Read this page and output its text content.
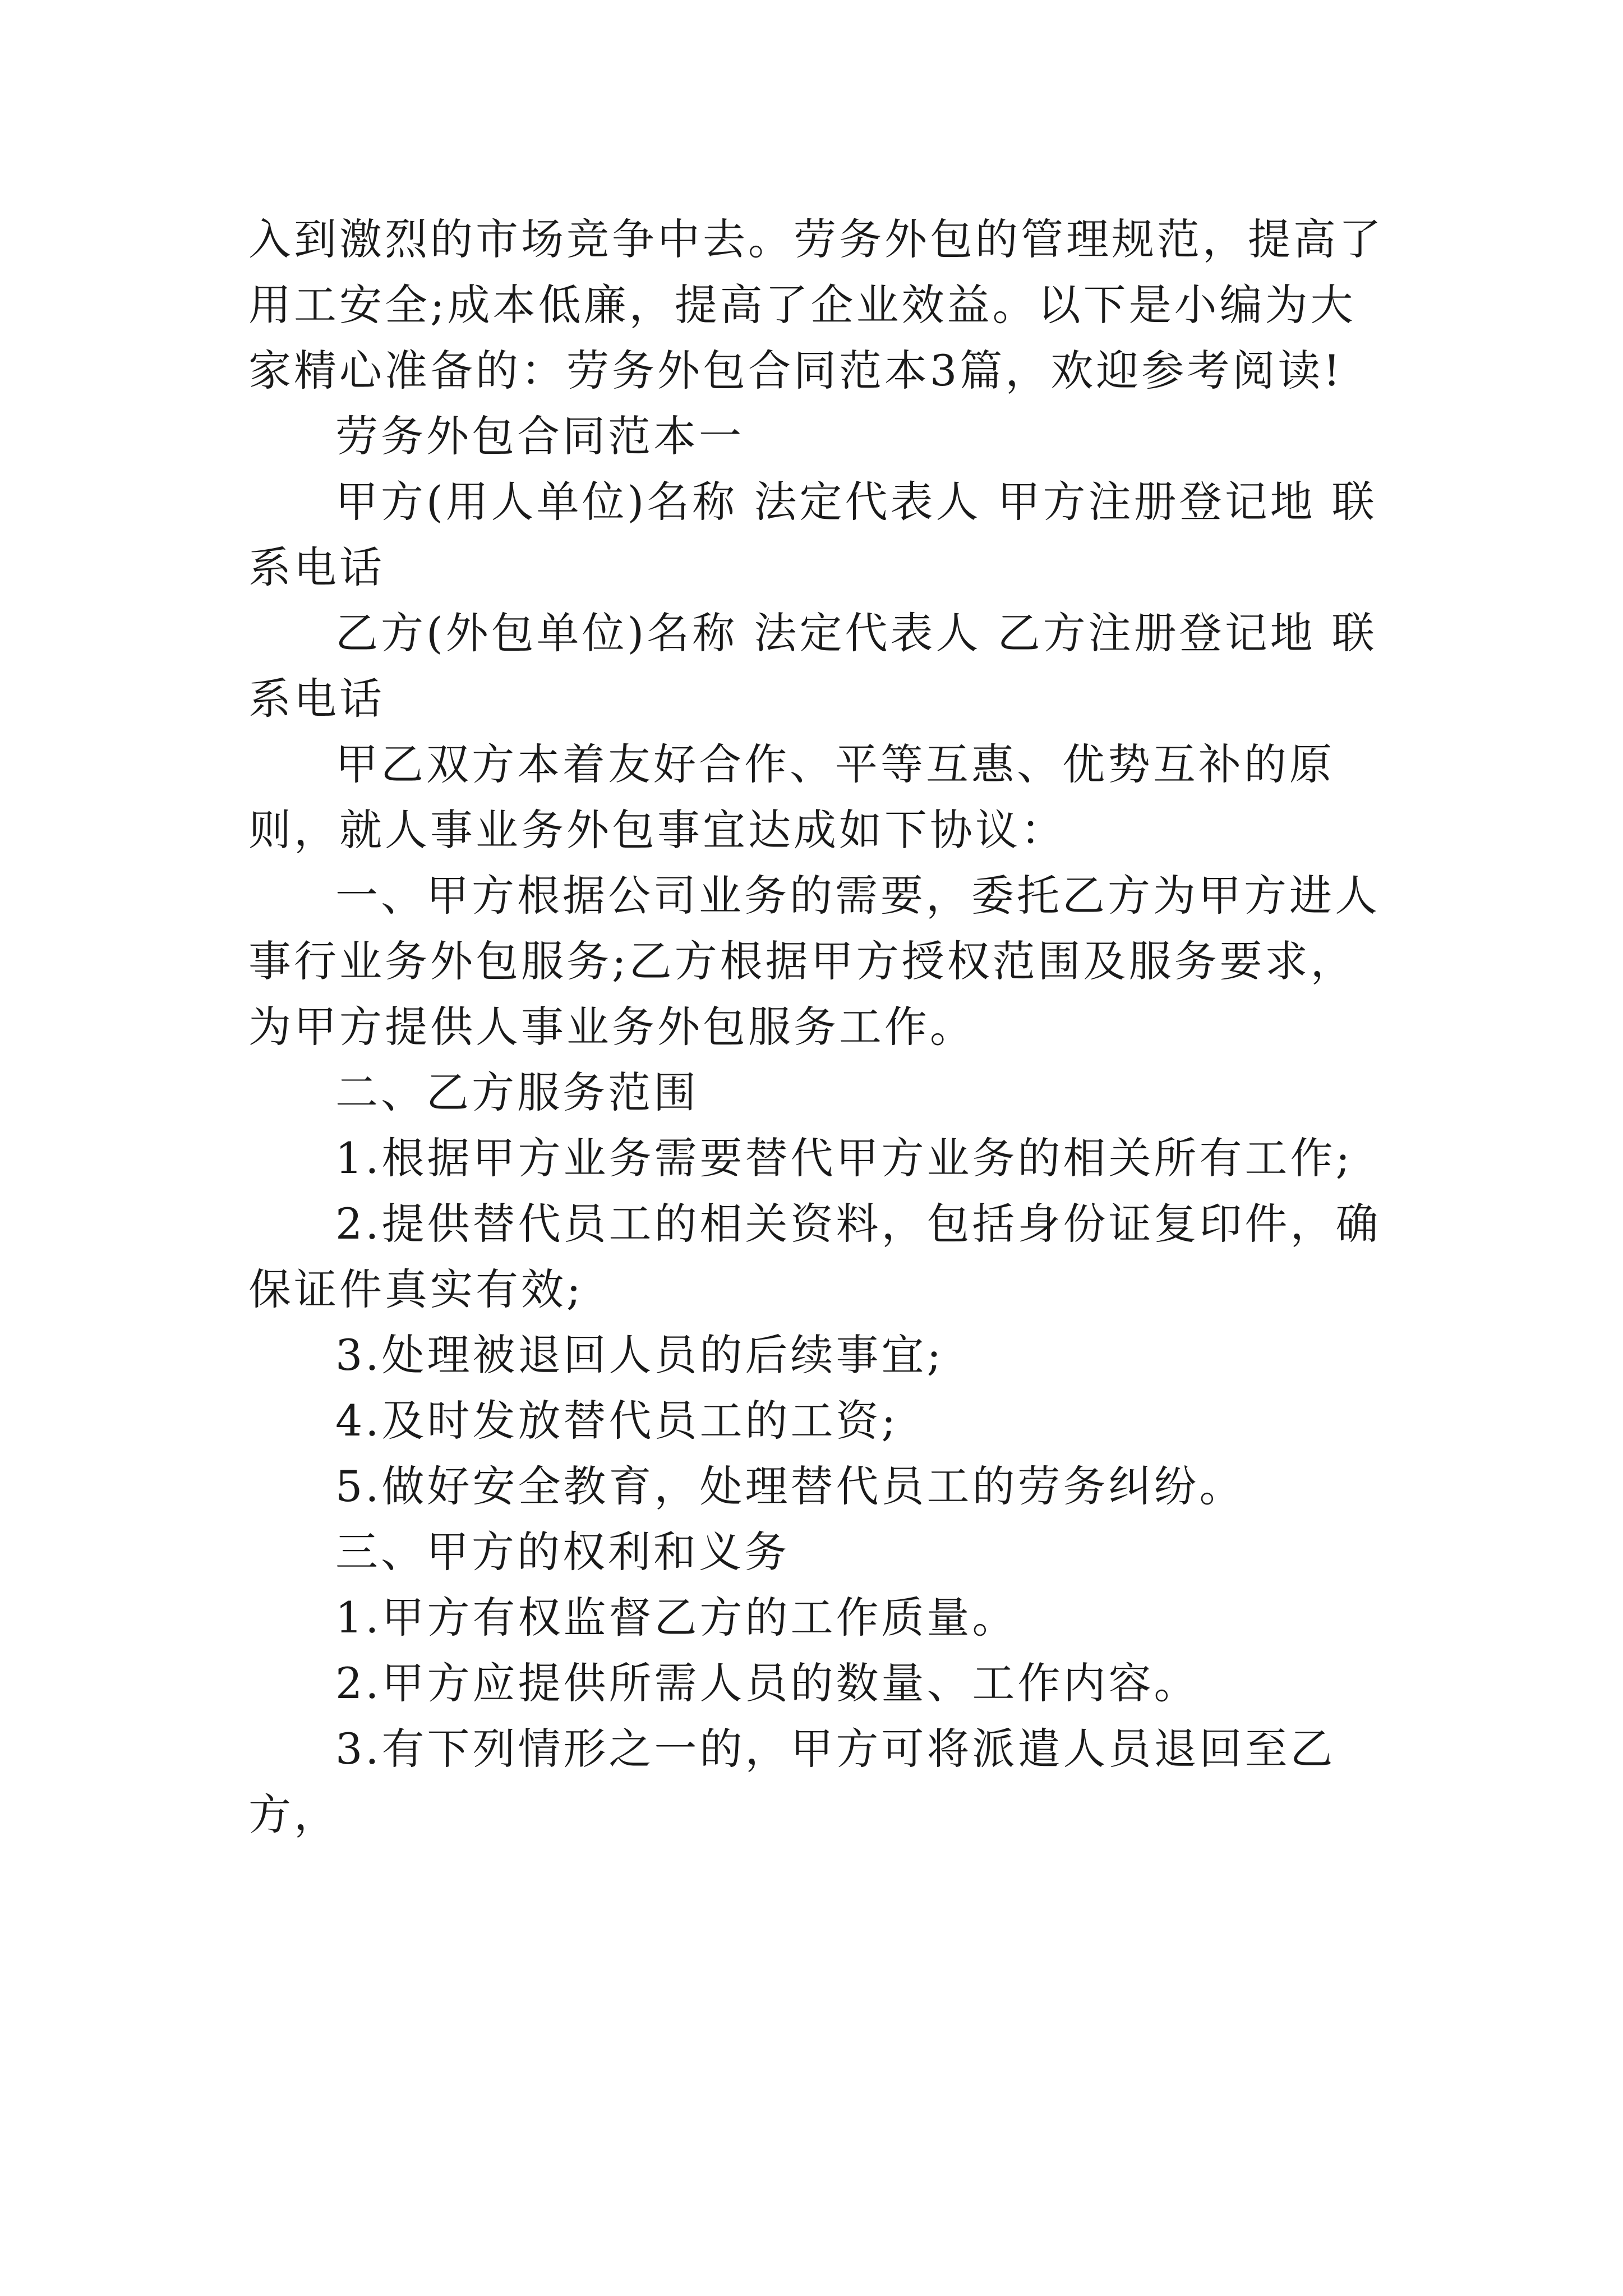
入到激烈的市场竞争中去。劳务外包的管理规范，提高了用工安全;成本低廉，提高了企业效益。以下是小编为大家精心准备的：劳务外包合同范本3篇，欢迎参考阅读!

劳务外包合同范本一

甲方(用人单位)名称 法定代表人 甲方注册登记地 联系电话

乙方(外包单位)名称 法定代表人 乙方注册登记地 联系电话

甲乙双方本着友好合作、平等互惠、优势互补的原则，就人事业务外包事宜达成如下协议：

一、甲方根据公司业务的需要，委托乙方为甲方进人事行业务外包服务;乙方根据甲方授权范围及服务要求，为甲方提供人事业务外包服务工作。

二、乙方服务范围

1.根据甲方业务需要替代甲方业务的相关所有工作;

2.提供替代员工的相关资料，包括身份证复印件，确保证件真实有效;

3.处理被退回人员的后续事宜;

4.及时发放替代员工的工资;

5.做好安全教育，处理替代员工的劳务纠纷。

三、甲方的权利和义务

1.甲方有权监督乙方的工作质量。

2.甲方应提供所需人员的数量、工作内容。

3.有下列情形之一的，甲方可将派遣人员退回至乙方，
